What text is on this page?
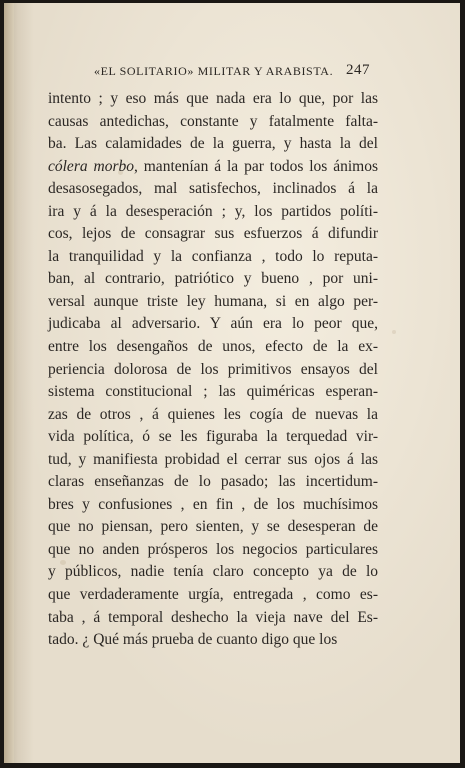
«EL SOLITARIO» MILITAR Y ARABISTA. 247
intento ; y eso más que nada era lo que, por las
causas antedichas, constante y fatalmente falta-
ba. Las calamidades de la guerra, y hasta la del
cólera morbo, mantenían á la par todos los ánimos
desasosegados, mal satisfechos, inclinados á la
ira y á la desesperación ; y, los partidos políti-
cos, lejos de consagrar sus esfuerzos á difundir
la tranquilidad y la confianza , todo lo reputa-
ban, al contrario, patriótico y bueno , por uni-
versal aunque triste ley humana, si en algo per-
judicaba al adversario. Y aún era lo peor que,
entre los desengaños de unos, efecto de la ex-
periencia dolorosa de los primitivos ensayos del
sistema constitucional ; las quiméricas esperan-
zas de otros , á quienes les cogía de nuevas la
vida política, ó se les figuraba la terquedad vir-
tud, y manifiesta probidad el cerrar sus ojos á las
claras enseñanzas de lo pasado; las incertidum-
bres y confusiones , en fin , de los muchísimos
que no piensan, pero sienten, y se desesperan de
que no anden prósperos los negocios particulares
y públicos, nadie tenía claro concepto ya de lo
que verdaderamente urgía, entregada , como es-
taba , á temporal deshecho la vieja nave del Es-
tado. ¿ Qué más prueba de cuanto digo que los
